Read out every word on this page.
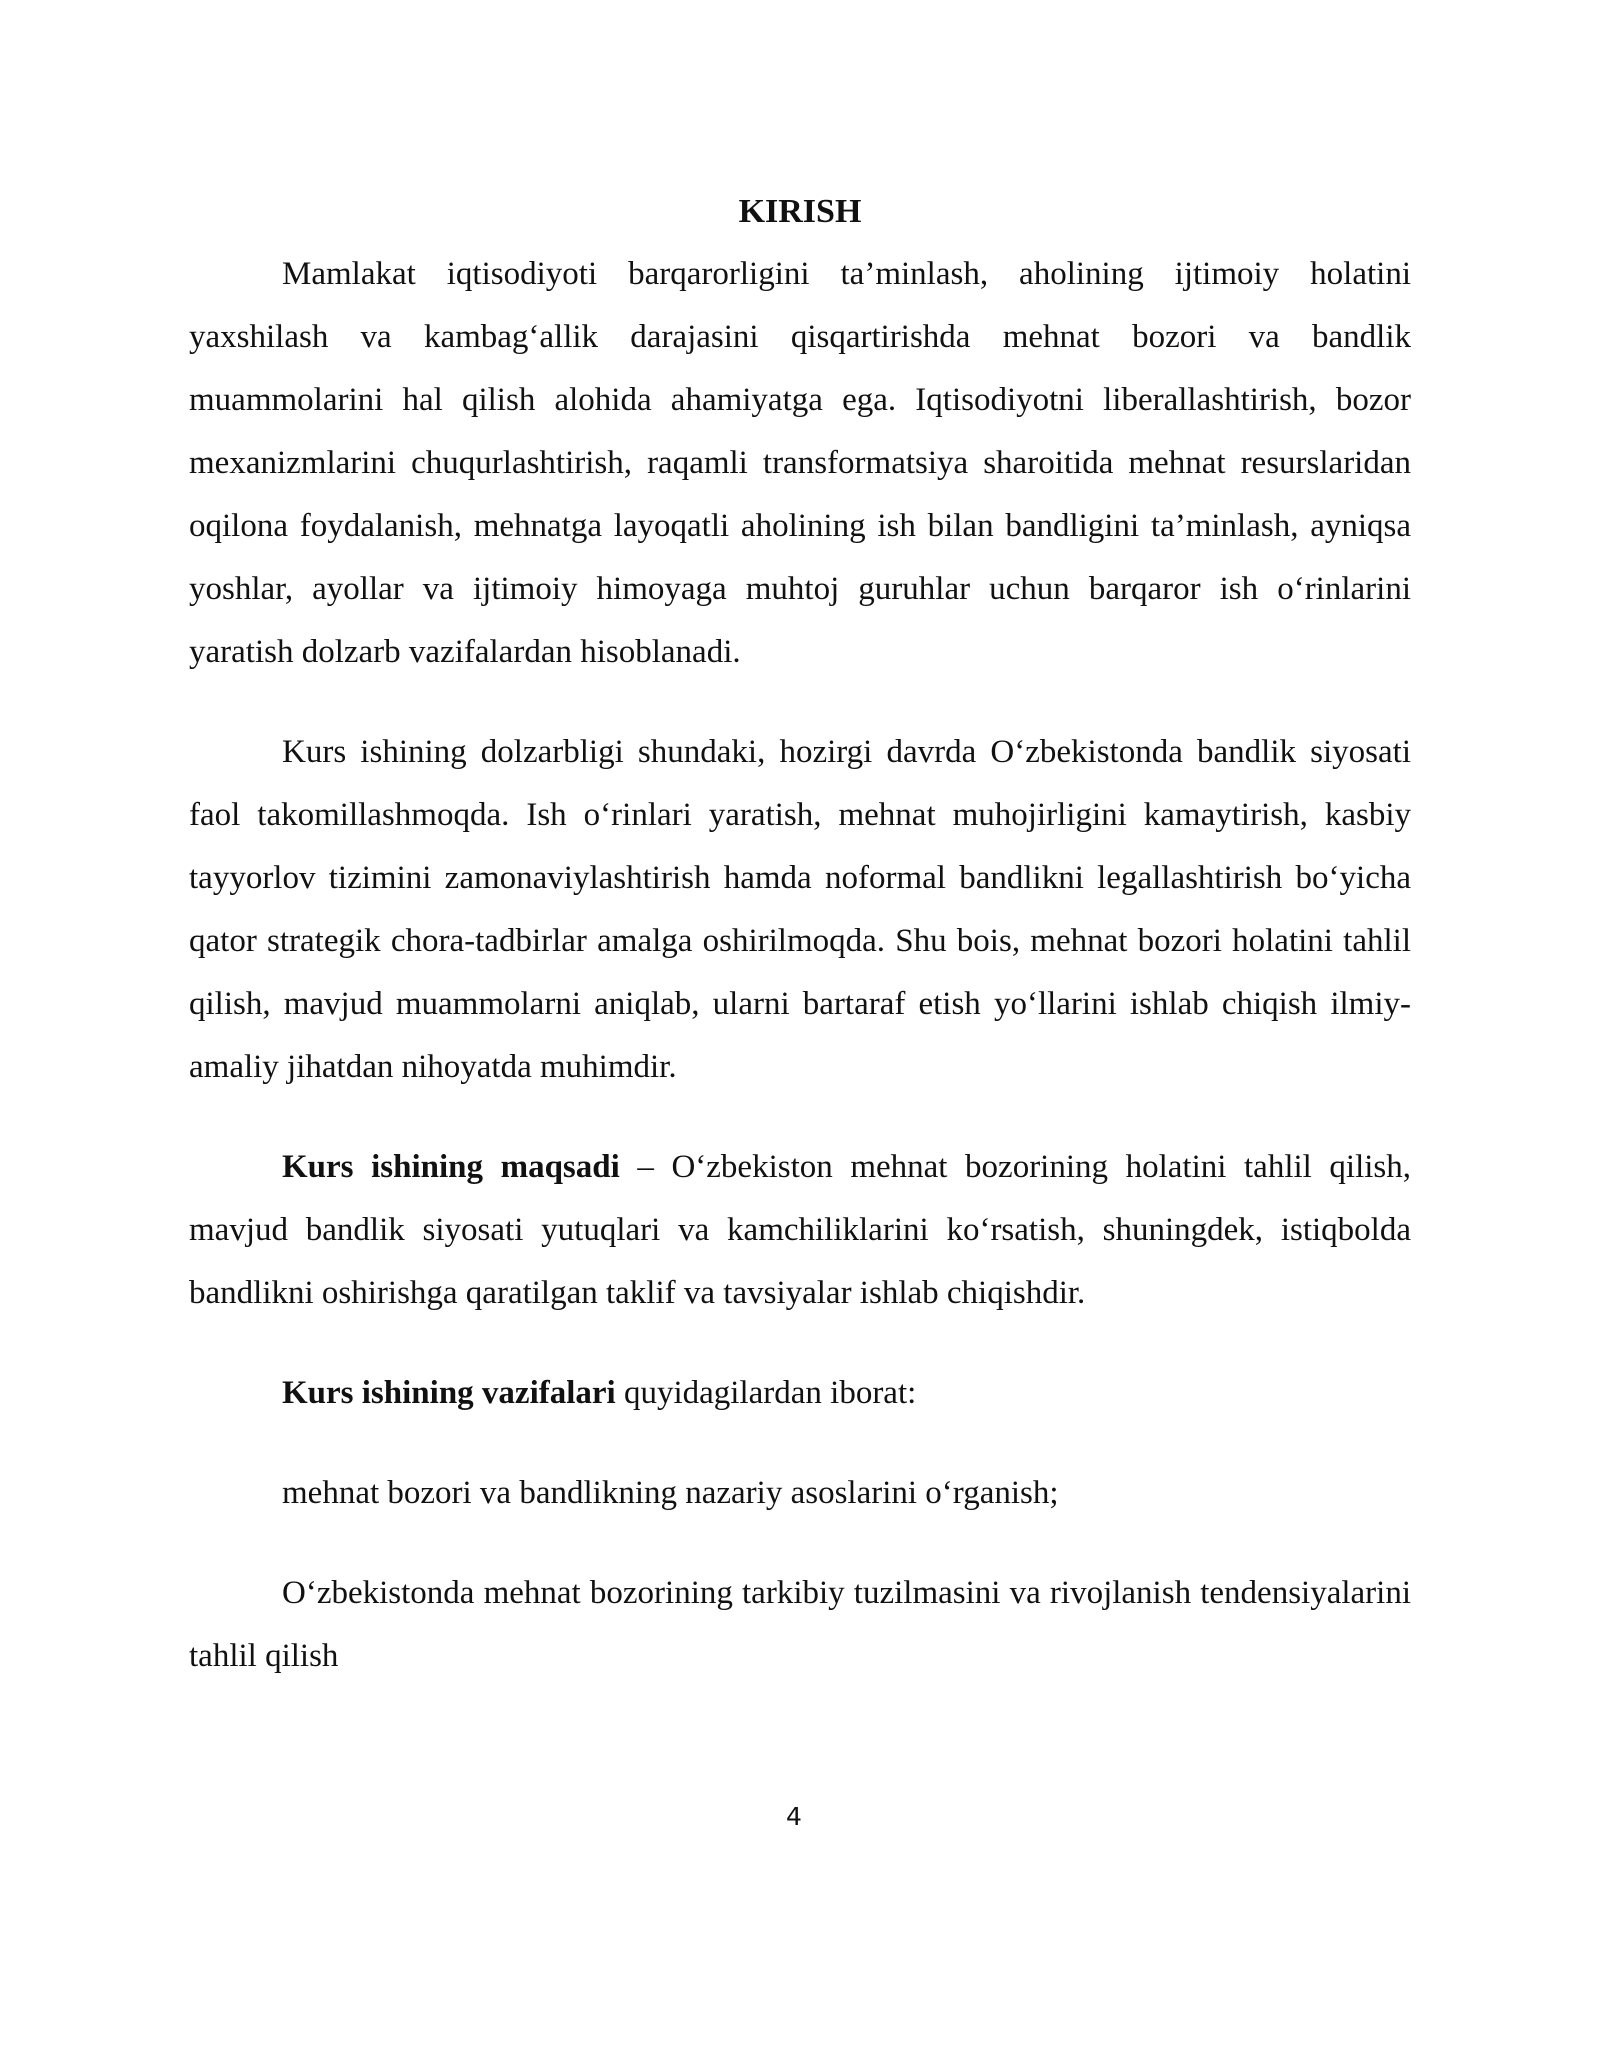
KIRISH

Mamlakat iqtisodiyoti barqarorligini ta’minlash, aholining ijtimoiy holatini yaxshilash va kambag‘allik darajasini qisqartirishda mehnat bozori va bandlik muammolarini hal qilish alohida ahamiyatga ega. Iqtisodiyotni liberallashtirish, bozor mexanizmlarini chuqurlashtirish, raqamli transformatsiya sharoitida mehnat resurslaridan oqilona foydalanish, mehnatga layoqatli aholining ish bilan bandligini ta’minlash, ayniqsa yoshlar, ayollar va ijtimoiy himoyaga muhtoj guruhlar uchun barqaror ish o‘rinlarini yaratish dolzarb vazifalardan hisoblanadi.

Kurs ishining dolzarbligi shundaki, hozirgi davrda O‘zbekistonda bandlik siyosati faol takomillashmoqda. Ish o‘rinlari yaratish, mehnat muhojirligini kamaytirish, kasbiy tayyorlov tizimini zamonaviylashtirish hamda noformal bandlikni legallashtirish bo‘yicha qator strategik chora-tadbirlar amalga oshirilmoqda. Shu bois, mehnat bozori holatini tahlil qilish, mavjud muammolarni aniqlab, ularni bartaraf etish yo‘llarini ishlab chiqish ilmiy-amaliy jihatdan nihoyatda muhimdir.

Kurs ishining maqsadi – O‘zbekiston mehnat bozorining holatini tahlil qilish, mavjud bandlik siyosati yutuqlari va kamchiliklarini ko‘rsatish, shuningdek, istiqbolda bandlikni oshirishga qaratilgan taklif va tavsiyalar ishlab chiqishdir.

Kurs ishining vazifalari quyidagilardan iborat:

mehnat bozori va bandlikning nazariy asoslarini o‘rganish;

O‘zbekistonda mehnat bozorining tarkibiy tuzilmasini va rivojlanish tendensiyalarini tahlil qilish

4
